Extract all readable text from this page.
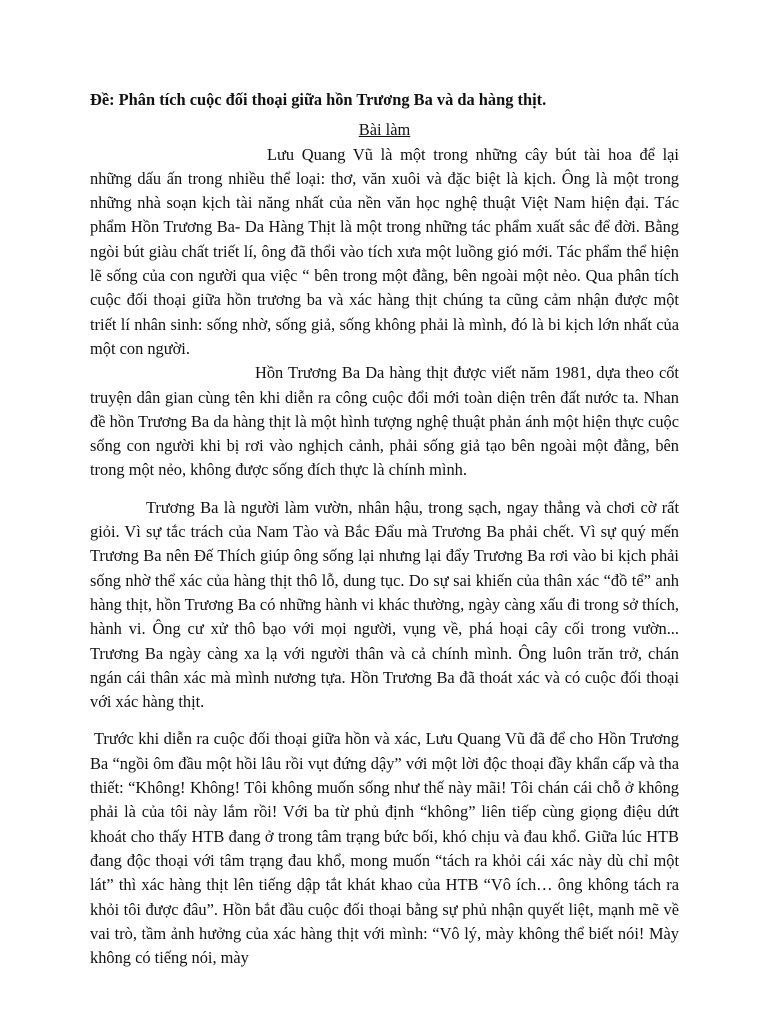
Đề: Phân tích cuộc đối thoại giữa hồn Trương Ba và da hàng thịt.

Bài làm

Lưu Quang Vũ là một trong những cây bút tài hoa để lại những dấu ấn trong nhiều thể loại: thơ, văn xuôi và đặc biệt là kịch. Ông là một trong những nhà soạn kịch tài năng nhất của nền văn học nghệ thuật Việt Nam hiện đại. Tác phẩm Hồn Trương Ba- Da Hàng Thịt là một trong những tác phẩm xuất sắc để đời. Bằng ngòi bút giàu chất triết lí, ông đã thổi vào tích xưa một luồng gió mới. Tác phẩm thể hiện lẽ sống của con người qua việc “ bên trong một đằng, bên ngoài một nẻo. Qua phân tích cuộc đối thoại giữa hồn trương ba và xác hàng thịt chúng ta cũng cảm nhận được một triết lí nhân sinh: sống nhờ, sống giả, sống không phải là mình, đó là bi kịch lớn nhất của một con người.

Hồn Trương Ba Da hàng thịt được viết năm 1981, dựa theo cốt truyện dân gian cùng tên khi diễn ra công cuộc đổi mới toàn diện trên đất nước ta. Nhan đề hồn Trương Ba da hàng thịt là một hình tượng nghệ thuật phản ánh một hiện thực cuộc sống con người khi bị rơi vào nghịch cảnh, phải sống giả tạo bên ngoài một đằng, bên trong một nẻo, không được sống đích thực là chính mình.

Trương Ba là người làm vườn, nhân hậu, trong sạch, ngay thẳng và chơi cờ rất giỏi. Vì sự tắc trách của Nam Tào và Bắc Đẩu mà Trương Ba phải chết. Vì sự quý mến Trương Ba nên Đế Thích giúp ông sống lại nhưng lại đẩy Trương Ba rơi vào bi kịch phải sống nhờ thể xác của hàng thịt thô lỗ, dung tục. Do sự sai khiến của thân xác “đồ tể” anh hàng thịt, hồn Trương Ba có những hành vi khác thường, ngày càng xấu đi trong sở thích, hành vi. Ông cư xử thô bạo với mọi người, vụng về, phá hoại cây cối trong vườn... Trương Ba ngày càng xa lạ với người thân và cả chính mình. Ông luôn trăn trở, chán ngán cái thân xác mà mình nương tựa. Hồn Trương Ba đã thoát xác và có cuộc đối thoại với xác hàng thịt.

Trước khi diễn ra cuộc đối thoại giữa hồn và xác, Lưu Quang Vũ đã để cho Hồn Trương Ba “ngồi ôm đầu một hồi lâu rồi vụt đứng dậy” với một lời độc thoại đầy khẩn cấp và tha thiết: “Không! Không! Tôi không muốn sống như thế này mãi! Tôi chán cái chỗ ở không phải là của tôi này lắm rồi! Với ba từ phủ định “không” liên tiếp cùng giọng điệu dứt khoát cho thấy HTB đang ở trong tâm trạng bức bối, khó chịu và đau khổ. Giữa lúc HTB đang độc thoại với tâm trạng đau khổ, mong muốn “tách ra khỏi cái xác này dù chỉ một lát” thì xác hàng thịt lên tiếng dập tắt khát khao của HTB “Vô ích… ông không tách ra khỏi tôi được đâu”. Hồn bắt đầu cuộc đối thoại bằng sự phủ nhận quyết liệt, mạnh mẽ về vai trò, tầm ảnh hưởng của xác hàng thịt với mình: “Vô lý, mày không thể biết nói! Mày không có tiếng nói, mày
